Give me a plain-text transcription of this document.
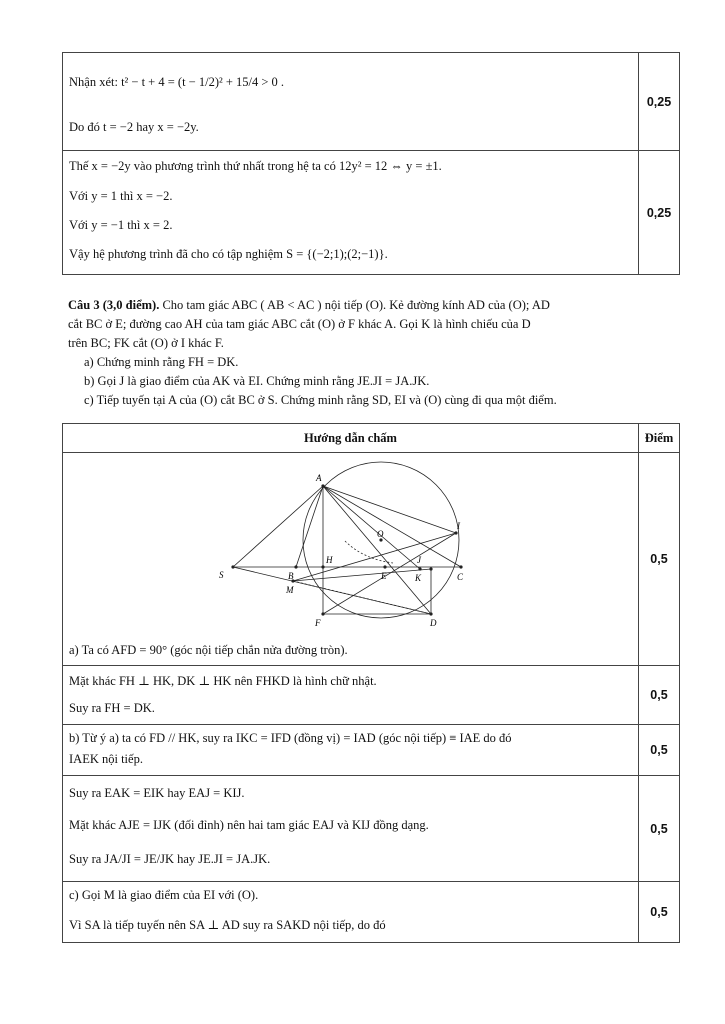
Nhận xét: t² − t + 4 = (t − 1/2)² + 15/4 > 0 .
Do đó t = −2 hay x = −2y.
0,25
Thế x = −2y vào phương trình thứ nhất trong hệ ta có 12y² = 12 ⇔ y = ±1.
Với y = 1 thì x = −2.
Với y = −1 thì x = 2.
Vậy hệ phương trình đã cho có tập nghiệm S = {(−2;1);(2;−1)}.
0,25

Câu 3 (3,0 điểm). Cho tam giác ABC ( AB < AC ) nội tiếp (O). Kẻ đường kính AD của (O); AD

cắt BC ở E; đường cao AH của tam giác ABC cắt (O) ở F khác A. Gọi K là hình chiếu của D

trên BC; FK cắt (O) ở I khác F.

a) Chứng minh rằng FH = DK.

b) Gọi J là giao điểm của AK và EI. Chứng minh rằng JE.JI = JA.JK.

c) Tiếp tuyến tại A của (O) cắt BC ở S. Chứng minh rằng SD, EI và (O) cùng đi qua một điểm.

Hướng dẫn chấm	Điểm
A
O
I
S	B
H
E
J
K	C
M
F	D
a) Ta có AFD = 90° (góc nội tiếp chắn nửa đường tròn).
0,5
Mặt khác FH ⊥ HK, DK ⊥ HK nên FHKD là hình chữ nhật.
Suy ra FH = DK.
0,5
b) Từ ý a) ta có FD // HK, suy ra IKC = IFD (đồng vị) = IAD (góc nội tiếp) ≡ IAE do đó
IAEK nội tiếp.
0,5
Suy ra EAK = EIK hay EAJ = KIJ.
Mặt khác AJE = IJK (đối đỉnh) nên hai tam giác EAJ và KIJ đồng dạng.
Suy ra JA/JI = JE/JK hay JE.JI = JA.JK.
0,5
c) Gọi M là giao điểm của EI với (O).
Vì SA là tiếp tuyến nên SA ⊥ AD suy ra SAKD nội tiếp, do đó
0,5
